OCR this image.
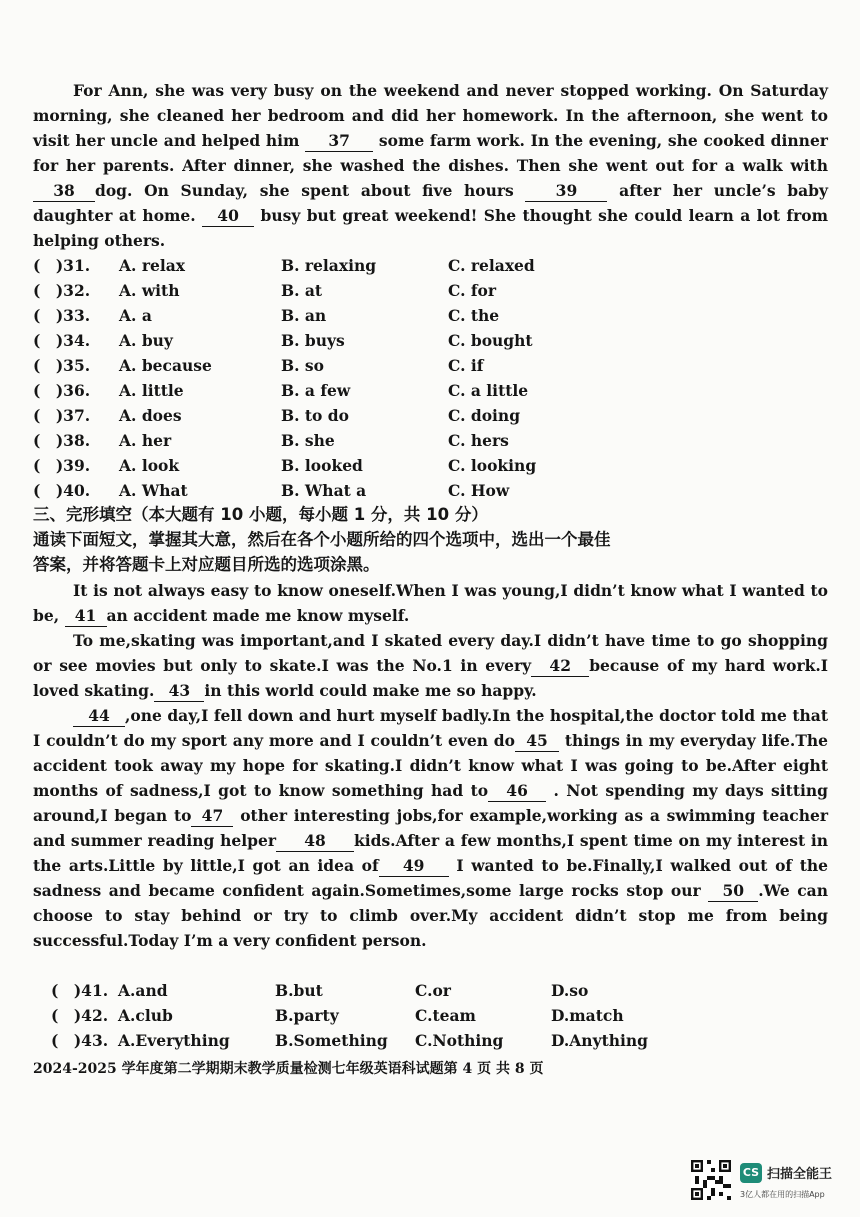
For Ann, she was very busy on the weekend and never stopped working. On Saturday morning, she cleaned her bedroom and did her homework. In the afternoon, she went to visit her uncle and helped him 37 some farm work. In the evening, she cooked dinner for her parents. After dinner, she washed the dishes. Then she went out for a walk with 38 dog. On Sunday, she spent about five hours	39	after her uncle’s baby daughter at home. 40 busy but great weekend! She thought she could learn a lot from helping others.

(　)31. A. relax	B. relaxing	C. relaxed
(　)32. A. with	B. at	C. for
(　)33. A. a	B. an	C. the
(　)34. A. buy	B. buys	C. bought
(　)35. A. because	B. so	C. if
(　)36. A. little	B. a few	C. a little
(　)37. A. does	B. to do	C. doing
(　)38. A. her	B. she	C. hers
(　)39. A. look	B. looked	C. looking
(　)40. A. What	B. What a	C. How
三、完形填空（本大题有 10 小题，每小题 1 分，共 10 分）
通读下面短文，掌握其大意，然后在各个小题所给的四个选项中，选出一个最佳
答案，并将答题卡上对应题目所选的选项涂黑。

It is not always easy to know oneself.When I was young,I didn’t know what I wanted to be, 41 an accident made me know myself.

To me,skating was important,and I skated every day.I didn’t have time to go shopping or see movies but only to skate.I was the No.1 in every 42 because of my hard work.I loved skating. 43 in this world could make me so happy.

44 ,one day,I fell down and hurt myself badly.In the hospital,the doctor told me that I couldn’t do my sport any more and I couldn’t even do 45 things in my everyday life.The accident took away my hope for skating.I didn’t know what I was going to be.After eight months of sadness,I got to know something had to 46 . Not spending my days sitting around,I began to 47 other interesting jobs,for example,working as a swimming teacher and summer reading helper 48 kids.After a few months,I spent time on my interest in the arts.Little by little,I got an idea of 49 I wanted to be.Finally,I walked out of the sadness and became confident again.Sometimes,some large rocks stop our 50 .We can choose to stay behind or try to climb over.My accident didn’t stop me from being successful.Today I’m a very confident person.

(　)41. A.and	B.but	C.or	D.so
(　)42. A.club	B.party	C.team	D.match
(　)43. A.Everything	B.Something C.Nothing	D.Anything
2024-2025 学年度第二学期期末教学质量检测七年级英语科试题第 4 页 共 8 页
CS 扫描全能王
3亿人都在用的扫描App
